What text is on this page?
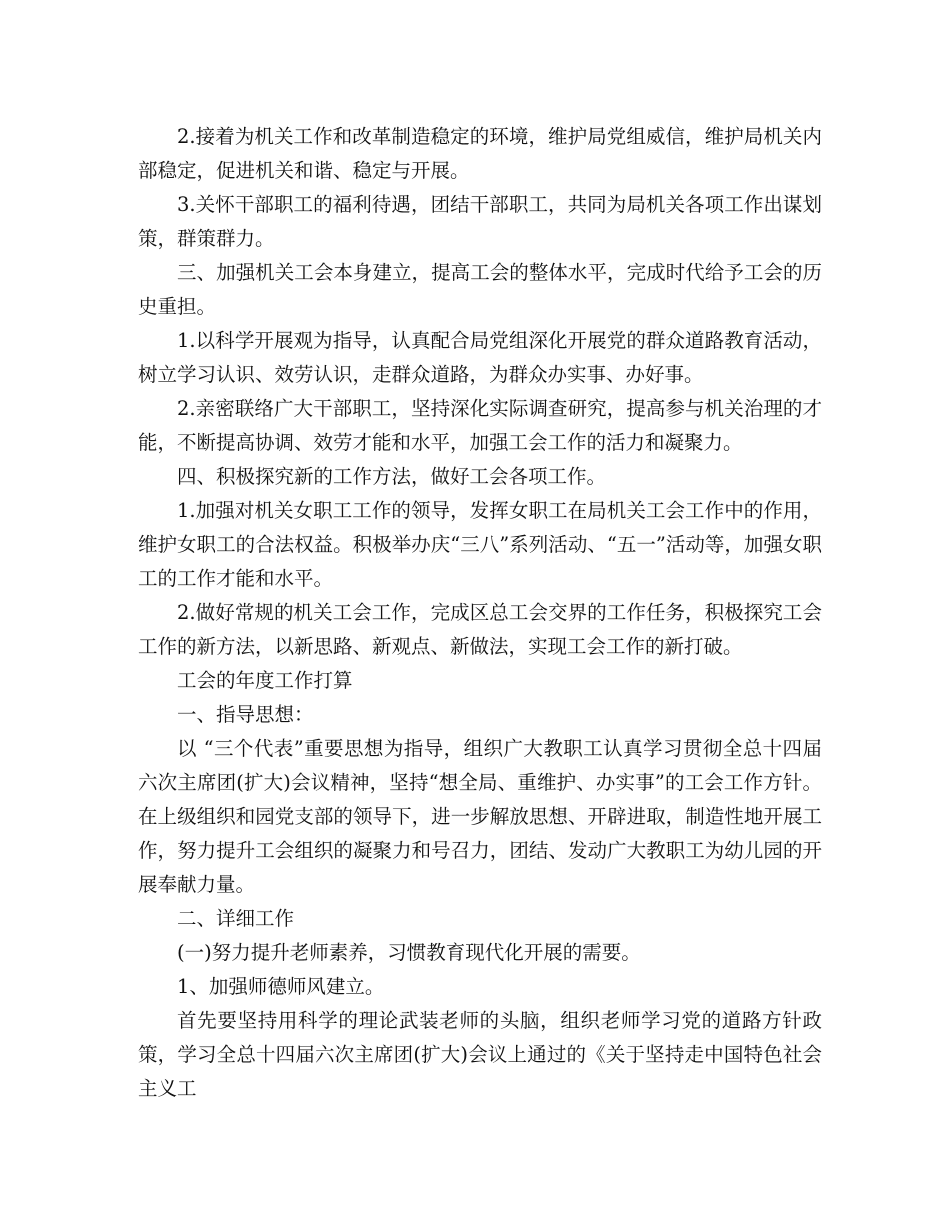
2.接着为机关工作和改革制造稳定的环境，维护局党组威信，维护局机关内部稳定，促进机关和谐、稳定与开展。

3.关怀干部职工的福利待遇，团结干部职工，共同为局机关各项工作出谋划策，群策群力。

三、加强机关工会本身建立，提高工会的整体水平，完成时代给予工会的历史重担。

1.以科学开展观为指导，认真配合局党组深化开展党的群众道路教育活动，树立学习认识、效劳认识，走群众道路，为群众办实事、办好事。

2.亲密联络广大干部职工，坚持深化实际调查研究，提高参与机关治理的才能，不断提高协调、效劳才能和水平，加强工会工作的活力和凝聚力。

四、积极探究新的工作方法，做好工会各项工作。

1.加强对机关女职工工作的领导，发挥女职工在局机关工会工作中的作用，维护女职工的合法权益。积极举办庆“三八”系列活动、“五一”活动等，加强女职工的工作才能和水平。

2.做好常规的机关工会工作，完成区总工会交界的工作任务，积极探究工会工作的新方法，以新思路、新观点、新做法，实现工会工作的新打破。

工会的年度工作打算

一、指导思想：

以 “三个代表”重要思想为指导，组织广大教职工认真学习贯彻全总十四届六次主席团(扩大)会议精神，坚持“想全局、重维护、办实事”的工会工作方针。在上级组织和园党支部的领导下，进一步解放思想、开辟进取，制造性地开展工作，努力提升工会组织的凝聚力和号召力，团结、发动广大教职工为幼儿园的开展奉献力量。

二、详细工作

(一)努力提升老师素养，习惯教育现代化开展的需要。

1、加强师德师风建立。

首先要坚持用科学的理论武装老师的头脑，组织老师学习党的道路方针政策，学习全总十四届六次主席团(扩大)会议上通过的《关于坚持走中国特色社会主义工
